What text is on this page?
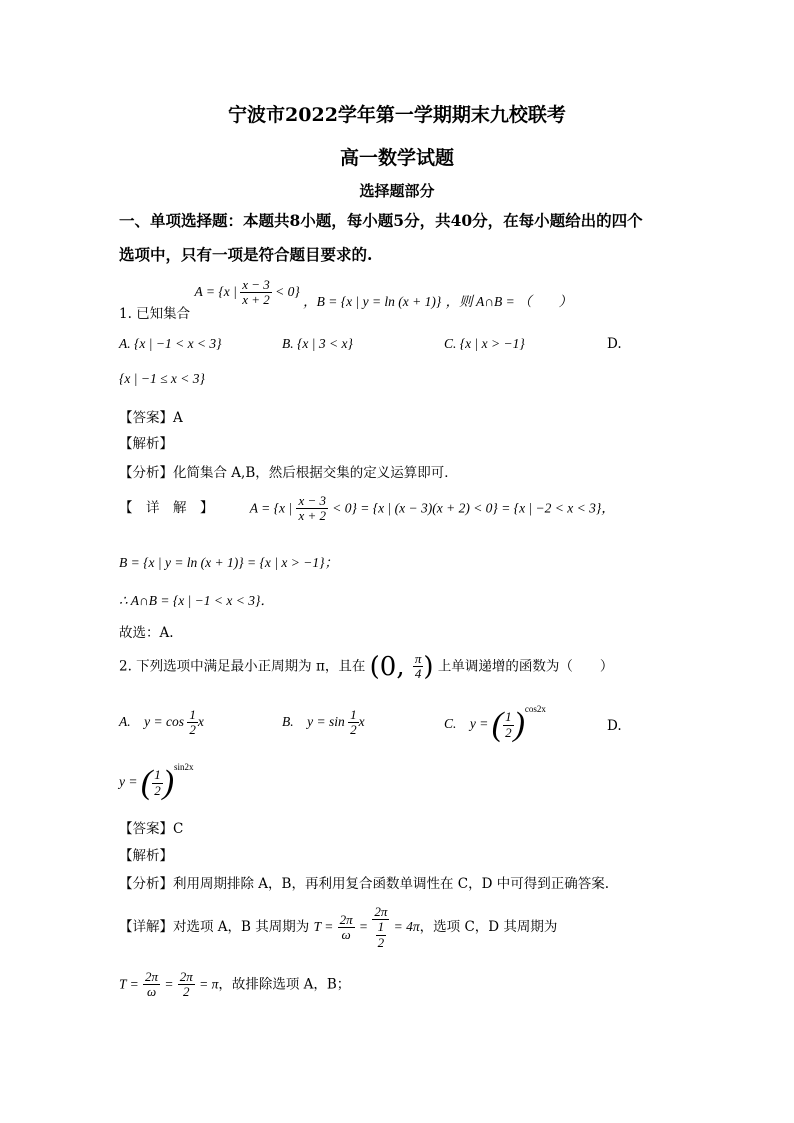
宁波市2022学年第一学期期末九校联考
高一数学试题
选择题部分
一、单项选择题：本题共8小题，每小题5分，共40分，在每小题给出的四个
选项中，只有一项是符合题目要求的.
1. 已知集合 A = {x | $\frac{x - 3}{x + 2} < 0$} ，B = {x | y = ln (x + 1)} ，则 A∩B = （　　）
A. {x | −1 < x < 3}	B. {x | 3 < x}	C. {x | x > −1}	D.
{x | −1 ≤ x < 3}
【答案】A
【解析】
【分析】化简集合 A,B，然后根据交集的定义运算即可．
【　详　解　】	A = {x | $\frac{x - 3}{x + 2} < 0\} = \{x$ | (x − 3)(x + 2) < 0} = {x | −2 < x < 3}，
B = {x | y = ln (x + 1)} = {x | x > −1}；
∴ A∩B = {x | −1 < x < 3}．
故选：A.
2. 下列选项中满足最小正周期为 π，且在 (0, $\frac{\pi}{4}$ ) 上单调递增的函数为（　　）
A.　$y = \cos \frac{1}{2}$ x	B.　$y = \sin \frac{1}{2}$ x	C.　y = ( $\frac{1}{2} )^{cos2x}$
D.
y = ( $\frac{1}{2} )^{sin2x}$
【答案】C
【解析】
【分析】利用周期排除 A，B，再利用复合函数单调性在 C，D 中可得到正确答案.
【详解】对选项 A，B 其周期为 $T = \frac{2\pi}{\omega} = \frac{2\pi}{\frac{1}{2}} = 4\pi$，选项 C，D 其周期为
$T = \frac{2\pi}{\omega} = \frac{2\pi}{2} = \pi$，故排除选项 A，B；
